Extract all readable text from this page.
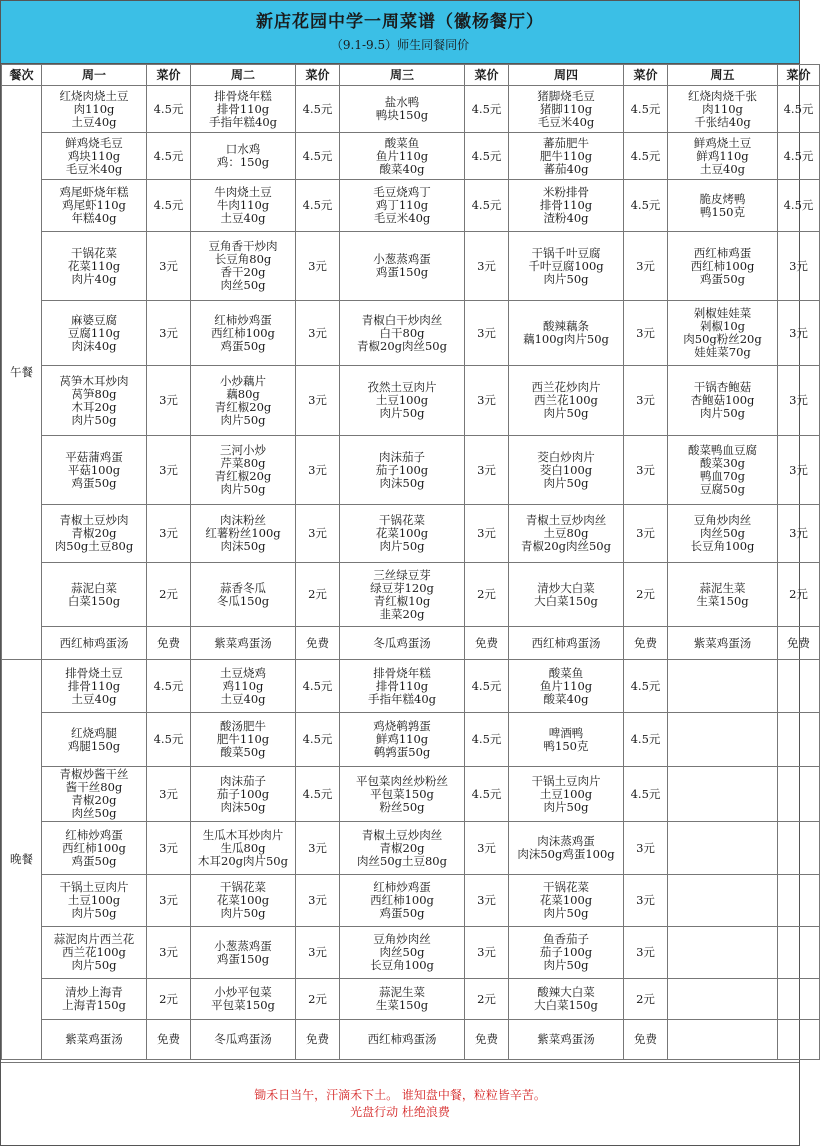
新店花园中学一周菜谱（徽杨餐厅）
（9.1-9.5）师生同餐同价
餐次	周一	菜价	周二	菜价	周三	菜价	周四	菜价	周五	菜价
午餐	红烧肉烧土豆
肉110g
土豆40g	4.5元	排骨烧年糕
排骨110g
手指年糕40g	4.5元	盐水鸭
鸭块150g	4.5元	猪脚烧毛豆
猪脚110g
毛豆米40g	4.5元	红烧肉烧千张
肉110g
千张结40g	4.5元

	鲜鸡烧毛豆
鸡块110g
毛豆米40g	4.5元	口水鸡
鸡：150g	4.5元	酸菜鱼
鱼片110g
酸菜40g	4.5元	蕃茄肥牛
肥牛110g
蕃茄40g	4.5元	鲜鸡烧土豆
鲜鸡110g
土豆40g	4.5元

	鸡尾虾烧年糕
鸡尾虾110g
年糕40g	4.5元	牛肉烧土豆
牛肉110g
土豆40g	4.5元	毛豆烧鸡丁
鸡丁110g
毛豆米40g	4.5元	米粉排骨
排骨110g
渣粉40g	4.5元	脆皮烤鸭
鸭150克	4.5元

	干锅花菜
花菜110g
肉片40g	3元	豆角香干炒肉
长豆角80g
香干20g
肉丝50g	3元	小葱蒸鸡蛋
鸡蛋150g	3元	干锅千叶豆腐
千叶豆腐100g
肉片50g	3元	西红柿鸡蛋
西红柿100g
鸡蛋50g	3元

	麻婆豆腐
豆腐110g
肉沫40g	3元	红柿炒鸡蛋
西红柿100g
鸡蛋50g	3元	青椒白干炒肉丝
白干80g
青椒20g肉丝50g	3元	酸辣藕条
藕100g肉片50g	3元	剁椒娃娃菜
剁椒10g
肉50g粉丝20g
娃娃菜70g	3元

	莴笋木耳炒肉
莴笋80g
木耳20g
肉片50g	3元	小炒藕片
藕80g
青红椒20g
肉片50g	3元	孜然土豆肉片
土豆100g
肉片50g	3元	西兰花炒肉片
西兰花100g
肉片50g	3元	干锅杏鲍菇
杏鲍菇100g
肉片50g	3元

	平菇蒲鸡蛋
平菇100g
鸡蛋50g	3元	三河小炒
芹菜80g
青红椒20g
肉片50g	3元	肉沫茄子
茄子100g
肉沫50g	3元	茭白炒肉片
茭白100g
肉片50g	3元	酸菜鸭血豆腐
酸菜30g
鸭血70g
豆腐50g	3元

	青椒土豆炒肉
青椒20g
肉50g土豆80g	3元	肉沫粉丝
红薯粉丝100g
肉沫50g	3元	干锅花菜
花菜100g
肉片50g	3元	青椒土豆炒肉丝
土豆80g
青椒20g肉丝50g	3元	豆角炒肉丝
肉丝50g
长豆角100g	3元

	蒜泥白菜
白菜150g	2元	蒜香冬瓜
冬瓜150g	2元	三丝绿豆芽
绿豆芽120g
青红椒10g
韭菜20g	2元	清炒大白菜
大白菜150g	2元	蒜泥生菜
生菜150g	2元

	西红柿鸡蛋汤	免费	紫菜鸡蛋汤	免费	冬瓜鸡蛋汤	免费	西红柿鸡蛋汤	免费	紫菜鸡蛋汤	免费
晚餐	排骨烧土豆
排骨110g
土豆40g	4.5元	土豆烧鸡
鸡110g
土豆40g	4.5元	排骨烧年糕
排骨110g
手指年糕40g	4.5元	酸菜鱼
鱼片110g
酸菜40g	4.5元		

	红烧鸡腿
鸡腿150g	4.5元	酸汤肥牛
肥牛110g
酸菜50g	4.5元	鸡烧鹌鹑蛋
鲜鸡110g
鹌鹑蛋50g	4.5元	啤酒鸭
鸭150克	4.5元		

	青椒炒酱干丝
酱干丝80g
青椒20g
肉丝50g	3元	肉沫茄子
茄子100g
肉沫50g	4.5元	平包菜肉丝炒粉丝
平包菜150g
粉丝50g	4.5元	干锅土豆肉片
土豆100g
肉片50g	4.5元		

	红柿炒鸡蛋
西红柿100g
鸡蛋50g	3元	生瓜木耳炒肉片
生瓜80g
木耳20g肉片50g	3元	青椒土豆炒肉丝
青椒20g
肉丝50g土豆80g	3元	肉沫蒸鸡蛋
肉沫50g鸡蛋100g	3元		

	干锅土豆肉片
土豆100g
肉片50g	3元	干锅花菜
花菜100g
肉片50g	3元	红柿炒鸡蛋
西红柿100g
鸡蛋50g	3元	干锅花菜
花菜100g
肉片50g	3元		

	蒜泥肉片西兰花
西兰花100g
肉片50g	3元	小葱蒸鸡蛋
鸡蛋150g	3元	豆角炒肉丝
肉丝50g
长豆角100g	3元	鱼香茄子
茄子100g
肉片50g	3元		

	清炒上海青
上海青150g	2元	小炒平包菜
平包菜150g	2元	蒜泥生菜
生菜150g	2元	酸辣大白菜
大白菜150g	2元		

	紫菜鸡蛋汤	免费	冬瓜鸡蛋汤	免费	西红柿鸡蛋汤	免费	紫菜鸡蛋汤	免费		
锄禾日当午，汗滴禾下土。 谁知盘中餐，粒粒皆辛苦。
光盘行动 杜绝浪费
